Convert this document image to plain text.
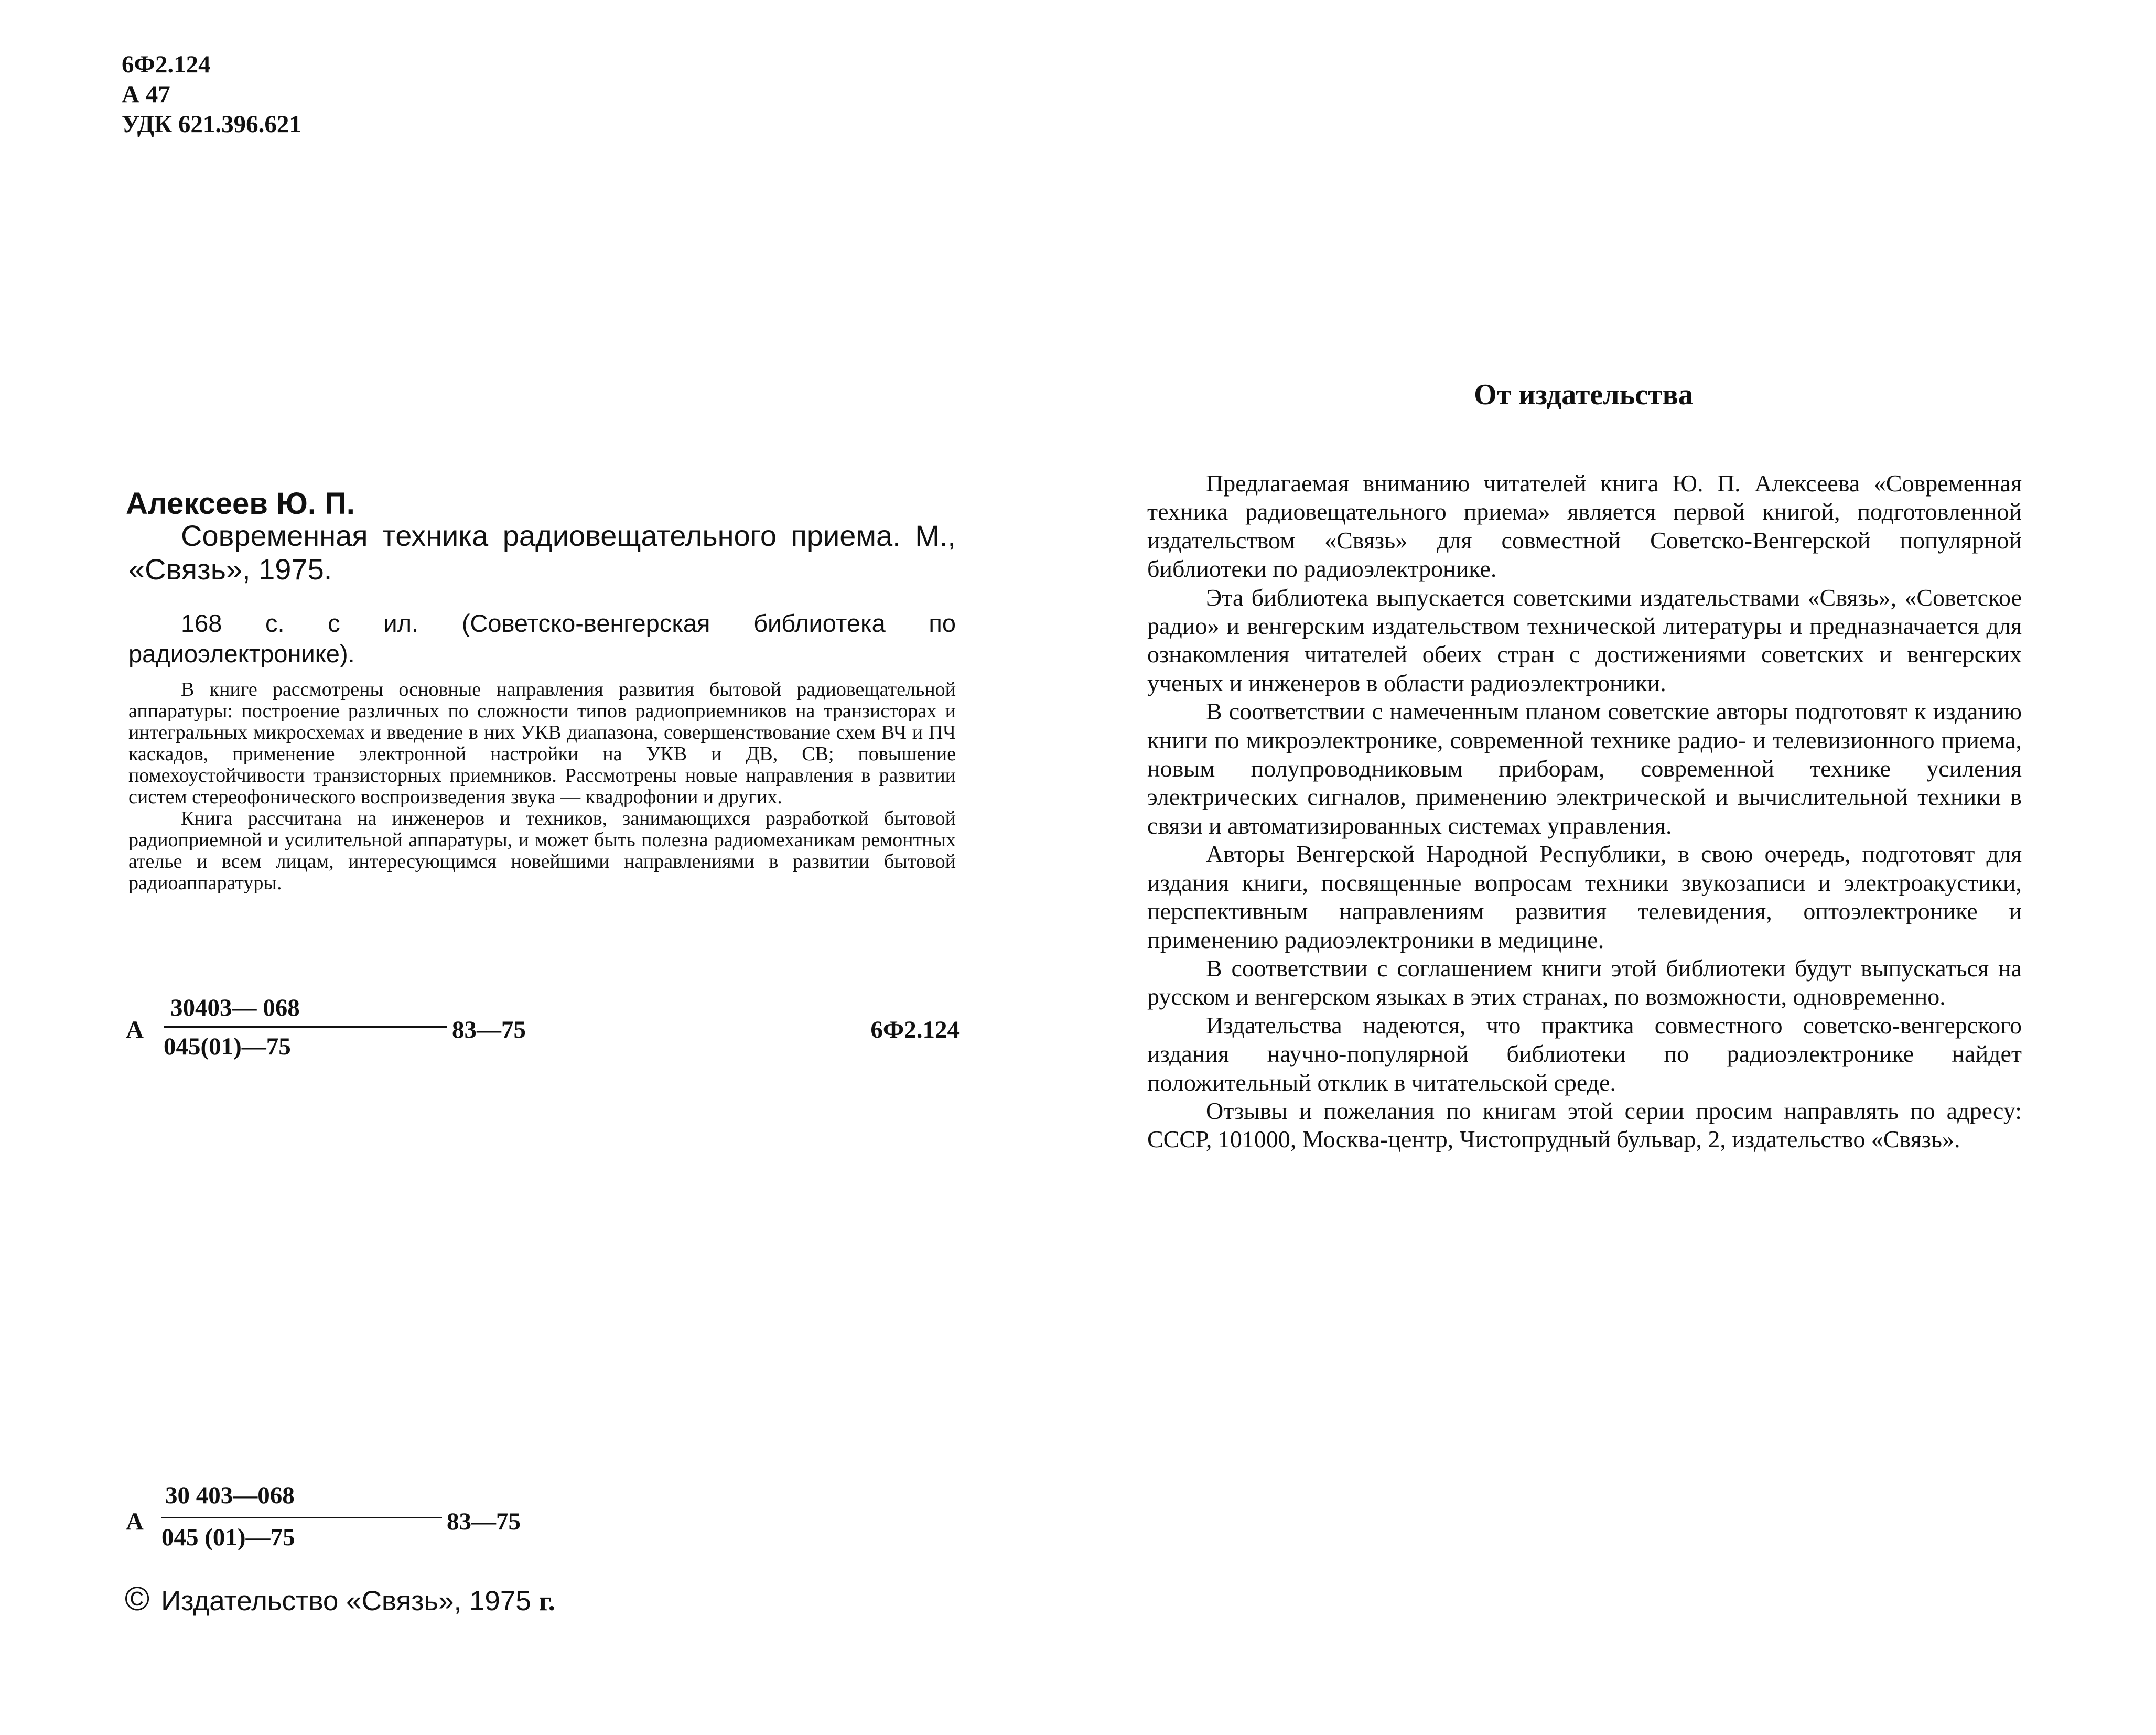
6Ф2.124
А 47
УДК 621.396.621
Алексеев Ю. П.
Современная техника радиовещательного приема. М., «Связь», 1975.
168 с. с ил. (Советско-венгерская библиотека по радиоэлектронике).

В книге рассмотрены основные направления развития бытовой радиовещательной аппаратуры: построение различных по сложности типов радиоприемников на транзисторах и интегральных микросхемах и введение в них УКВ диапазона, совершенствование схем ВЧ и ПЧ каскадов, применение электронной настройки на УКВ и ДВ, СВ; повышение помехоустойчивости транзисторных приемников. Рассмотрены новые направления в развитии систем стереофонического воспроизведения звука — квадрофонии и других.

Книга рассчитана на инженеров и техников, занимающихся разработкой бытовой радиоприемной и усилительной аппаратуры, и может быть полезна радиомеханикам ремонтных ателье и всем лицам, интересующимся новейшими направлениями в развитии бытовой радиоаппаратуры.

А
30403— 068
045(01)—75
83—75	6Ф2.124
А
30 403—068
045 (01)—75
83—75
© Издательство «Связь», 1975 г.
От издательства

Предлагаемая вниманию читателей книга Ю. П. Алексеева «Современная техника радиовещательного приема» является первой книгой, подготовленной издательством «Связь» для совместной Советско-Венгерской популярной библиотеки по радиоэлектронике.

Эта библиотека выпускается советскими издательствами «Связь», «Советское радио» и венгерским издательством технической литературы и предназначается для ознакомления читателей обеих стран с достижениями советских и венгерских ученых и инженеров в области радиоэлектроники.

В соответствии с намеченным планом советские авторы подготовят к изданию книги по микроэлектронике, современной технике радио- и телевизионного приема, новым полупроводниковым приборам, современной технике усиления электрических сигналов, применению электрической и вычислительной техники в связи и автоматизированных системах управления.

Авторы Венгерской Народной Республики, в свою очередь, подготовят для издания книги, посвященные вопросам техники звукозаписи и электроакустики, перспективным направлениям развития телевидения, оптоэлектронике и применению радиоэлектроники в медицине.

В соответствии с соглашением книги этой библиотеки будут выпускаться на русском и венгерском языках в этих странах, по возможности, одновременно.

Издательства надеются, что практика совместного советско-венгерского издания научно-популярной библиотеки по радиоэлектронике найдет положительный отклик в читательской среде.

Отзывы и пожелания по книгам этой серии просим направлять по адресу: СССР, 101000, Москва-центр, Чистопрудный бульвар, 2, издательство «Связь».
